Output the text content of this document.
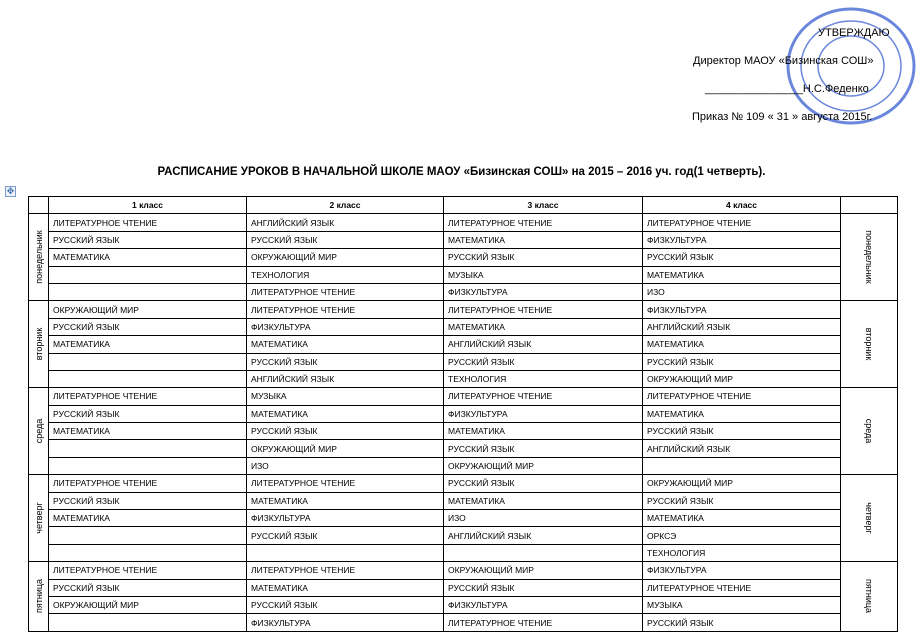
УТВЕРЖДАЮ
Директор МАОУ «Бизинская СОШ»
________________Н.С.Феденко
Приказ № 109 « 31 » августа 2015г.
РАСПИСАНИЕ УРОКОВ В НАЧАЛЬНОЙ ШКОЛЕ МАОУ «Бизинская СОШ» на 2015 – 2016 уч. год(1 четверть).
✥
	1 класс	2 класс	3 класс	4 класс	

понедельник	ЛИТЕРАТУРНОЕ ЧТЕНИЕ	АНГЛИЙСКИЙ ЯЗЫК	ЛИТЕРАТУРНОЕ ЧТЕНИЕ	ЛИТЕРАТУРНОЕ ЧТЕНИЕ	понедельник

	РУССКИЙ ЯЗЫК	РУССКИЙ ЯЗЫК	МАТЕМАТИКА	ФИЗКУЛЬТУРА	
	МАТЕМАТИКА	ОКРУЖАЮЩИЙ МИР	РУССКИЙ ЯЗЫК	РУССКИЙ ЯЗЫК	
		ТЕХНОЛОГИЯ	МУЗЫКА	МАТЕМАТИКА	
		ЛИТЕРАТУРНОЕ ЧТЕНИЕ	ФИЗКУЛЬТУРА	ИЗО	

вторник	ОКРУЖАЮЩИЙ МИР	ЛИТЕРАТУРНОЕ ЧТЕНИЕ	ЛИТЕРАТУРНОЕ ЧТЕНИЕ	ФИЗКУЛЬТУРА	вторник

	РУССКИЙ ЯЗЫК	ФИЗКУЛЬТУРА	МАТЕМАТИКА	АНГЛИЙСКИЙ ЯЗЫК	
	МАТЕМАТИКА	МАТЕМАТИКА	АНГЛИЙСКИЙ ЯЗЫК	МАТЕМАТИКА	
		РУССКИЙ ЯЗЫК	РУССКИЙ ЯЗЫК	РУССКИЙ ЯЗЫК	
		АНГЛИЙСКИЙ ЯЗЫК	ТЕХНОЛОГИЯ	ОКРУЖАЮЩИЙ МИР	

среда	ЛИТЕРАТУРНОЕ ЧТЕНИЕ	МУЗЫКА	ЛИТЕРАТУРНОЕ ЧТЕНИЕ	ЛИТЕРАТУРНОЕ ЧТЕНИЕ	среда

	РУССКИЙ ЯЗЫК	МАТЕМАТИКА	ФИЗКУЛЬТУРА	МАТЕМАТИКА	
	МАТЕМАТИКА	РУССКИЙ ЯЗЫК	МАТЕМАТИКА	РУССКИЙ ЯЗЫК	
		ОКРУЖАЮЩИЙ МИР	РУССКИЙ ЯЗЫК	АНГЛИЙСКИЙ ЯЗЫК	
		ИЗО	ОКРУЖАЮЩИЙ МИР		

четверг	ЛИТЕРАТУРНОЕ ЧТЕНИЕ	ЛИТЕРАТУРНОЕ ЧТЕНИЕ	РУССКИЙ ЯЗЫК	ОКРУЖАЮЩИЙ МИР	четверг

	РУССКИЙ ЯЗЫК	МАТЕМАТИКА	МАТЕМАТИКА	РУССКИЙ ЯЗЫК	
	МАТЕМАТИКА	ФИЗКУЛЬТУРА	ИЗО	МАТЕМАТИКА	
		РУССКИЙ ЯЗЫК	АНГЛИЙСКИЙ ЯЗЫК	ОРКСЭ	
				ТЕХНОЛОГИЯ	

пятница	ЛИТЕРАТУРНОЕ ЧТЕНИЕ	ЛИТЕРАТУРНОЕ ЧТЕНИЕ	ОКРУЖАЮЩИЙ МИР	ФИЗКУЛЬТУРА	пятница

	РУССКИЙ ЯЗЫК	МАТЕМАТИКА	РУССКИЙ ЯЗЫК	ЛИТЕРАТУРНОЕ ЧТЕНИЕ	
	ОКРУЖАЮЩИЙ МИР	РУССКИЙ ЯЗЫК	ФИЗКУЛЬТУРА	МУЗЫКА	
		ФИЗКУЛЬТУРА	ЛИТЕРАТУРНОЕ ЧТЕНИЕ	РУССКИЙ ЯЗЫК	
